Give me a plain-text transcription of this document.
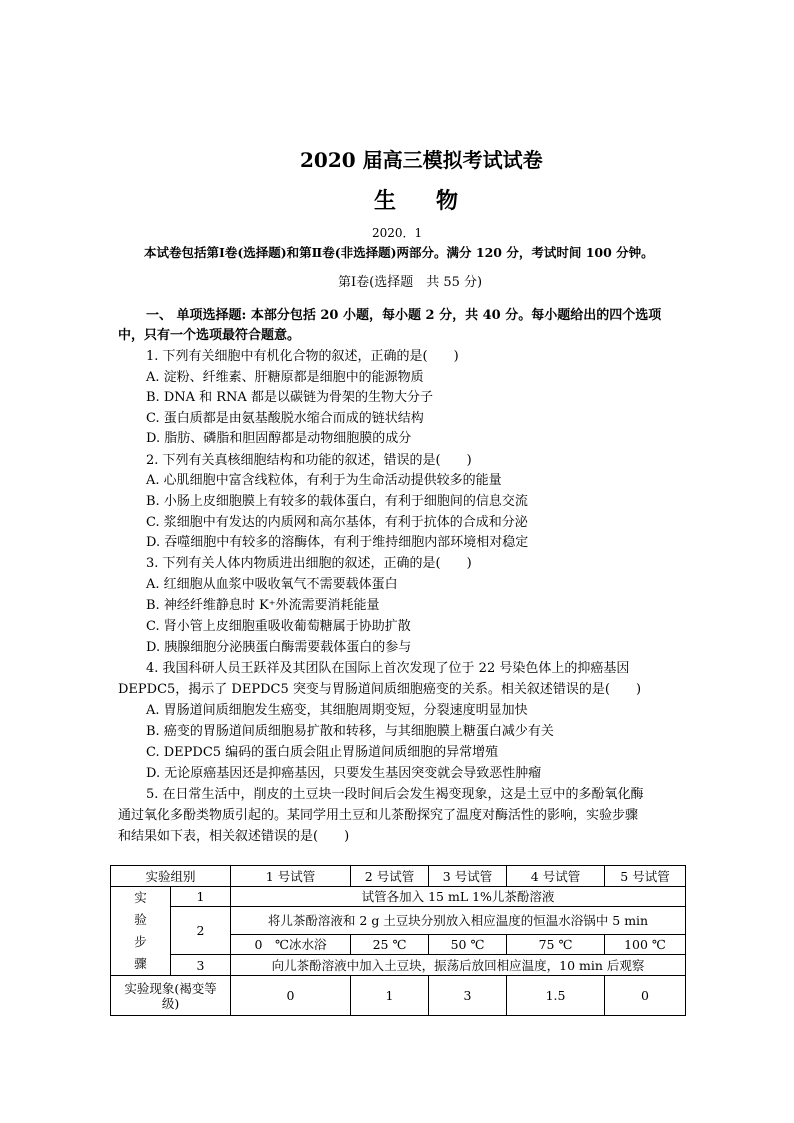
2020 届高三模拟考试试卷
生物
2020．1
本试卷包括第Ⅰ卷(选择题)和第Ⅱ卷(非选择题)两部分。满分 120 分，考试时间 100 分钟。
第Ⅰ卷(选择题　共 55 分)
一、 单项选择题: 本部分包括 20 小题，每小题 2 分，共 40 分。每小题给出的四个选项
中，只有一个选项最符合题意。
1. 下列有关细胞中有机化合物的叙述，正确的是(　　)
A. 淀粉、纤维素、肝糖原都是细胞中的能源物质
B. DNA 和 RNA 都是以碳链为骨架的生物大分子
C. 蛋白质都是由氨基酸脱水缩合而成的链状结构
D. 脂肪、磷脂和胆固醇都是动物细胞膜的成分
2. 下列有关真核细胞结构和功能的叙述，错误的是(　　)
A. 心肌细胞中富含线粒体，有利于为生命活动提供较多的能量
B. 小肠上皮细胞膜上有较多的载体蛋白，有利于细胞间的信息交流
C. 浆细胞中有发达的内质网和高尔基体，有利于抗体的合成和分泌
D. 吞噬细胞中有较多的溶酶体，有利于维持细胞内部环境相对稳定
3. 下列有关人体内物质进出细胞的叙述，正确的是(　　)
A. 红细胞从血浆中吸收氧气不需要载体蛋白
B. 神经纤维静息时 K⁺外流需要消耗能量
C. 肾小管上皮细胞重吸收葡萄糖属于协助扩散
D. 胰腺细胞分泌胰蛋白酶需要载体蛋白的参与
4. 我国科研人员王跃祥及其团队在国际上首次发现了位于 22 号染色体上的抑癌基因
DEPDC5，揭示了 DEPDC5 突变与胃肠道间质细胞癌变的关系。相关叙述错误的是(　　)
A. 胃肠道间质细胞发生癌变，其细胞周期变短，分裂速度明显加快
B. 癌变的胃肠道间质细胞易扩散和转移，与其细胞膜上糖蛋白减少有关
C. DEPDC5 编码的蛋白质会阻止胃肠道间质细胞的异常增殖
D. 无论原癌基因还是抑癌基因，只要发生基因突变就会导致恶性肿瘤
5. 在日常生活中，削皮的土豆块一段时间后会发生褐变现象，这是土豆中的多酚氧化酶
通过氧化多酚类物质引起的。某同学用土豆和儿茶酚探究了温度对酶活性的影响，实验步骤
和结果如下表，相关叙述错误的是(　　)
实验组别		1 号试管	2 号试管	3 号试管	4 号试管	5 号试管

实
验
步
骤	1	试管各加入 15 mL 1%儿茶酚溶液				
	2	将儿茶酚溶液和 2 g 土豆块分别放入相应温度的恒温水浴锅中 5 min				
		0　℃冰水浴	25 ℃	50 ℃	75 ℃	100 ℃
	3	向儿茶酚溶液中加入土豆块，振荡后放回相应温度，10 min 后观察				

实验现象(褐变等
级)		0	1	3	1.5	0
